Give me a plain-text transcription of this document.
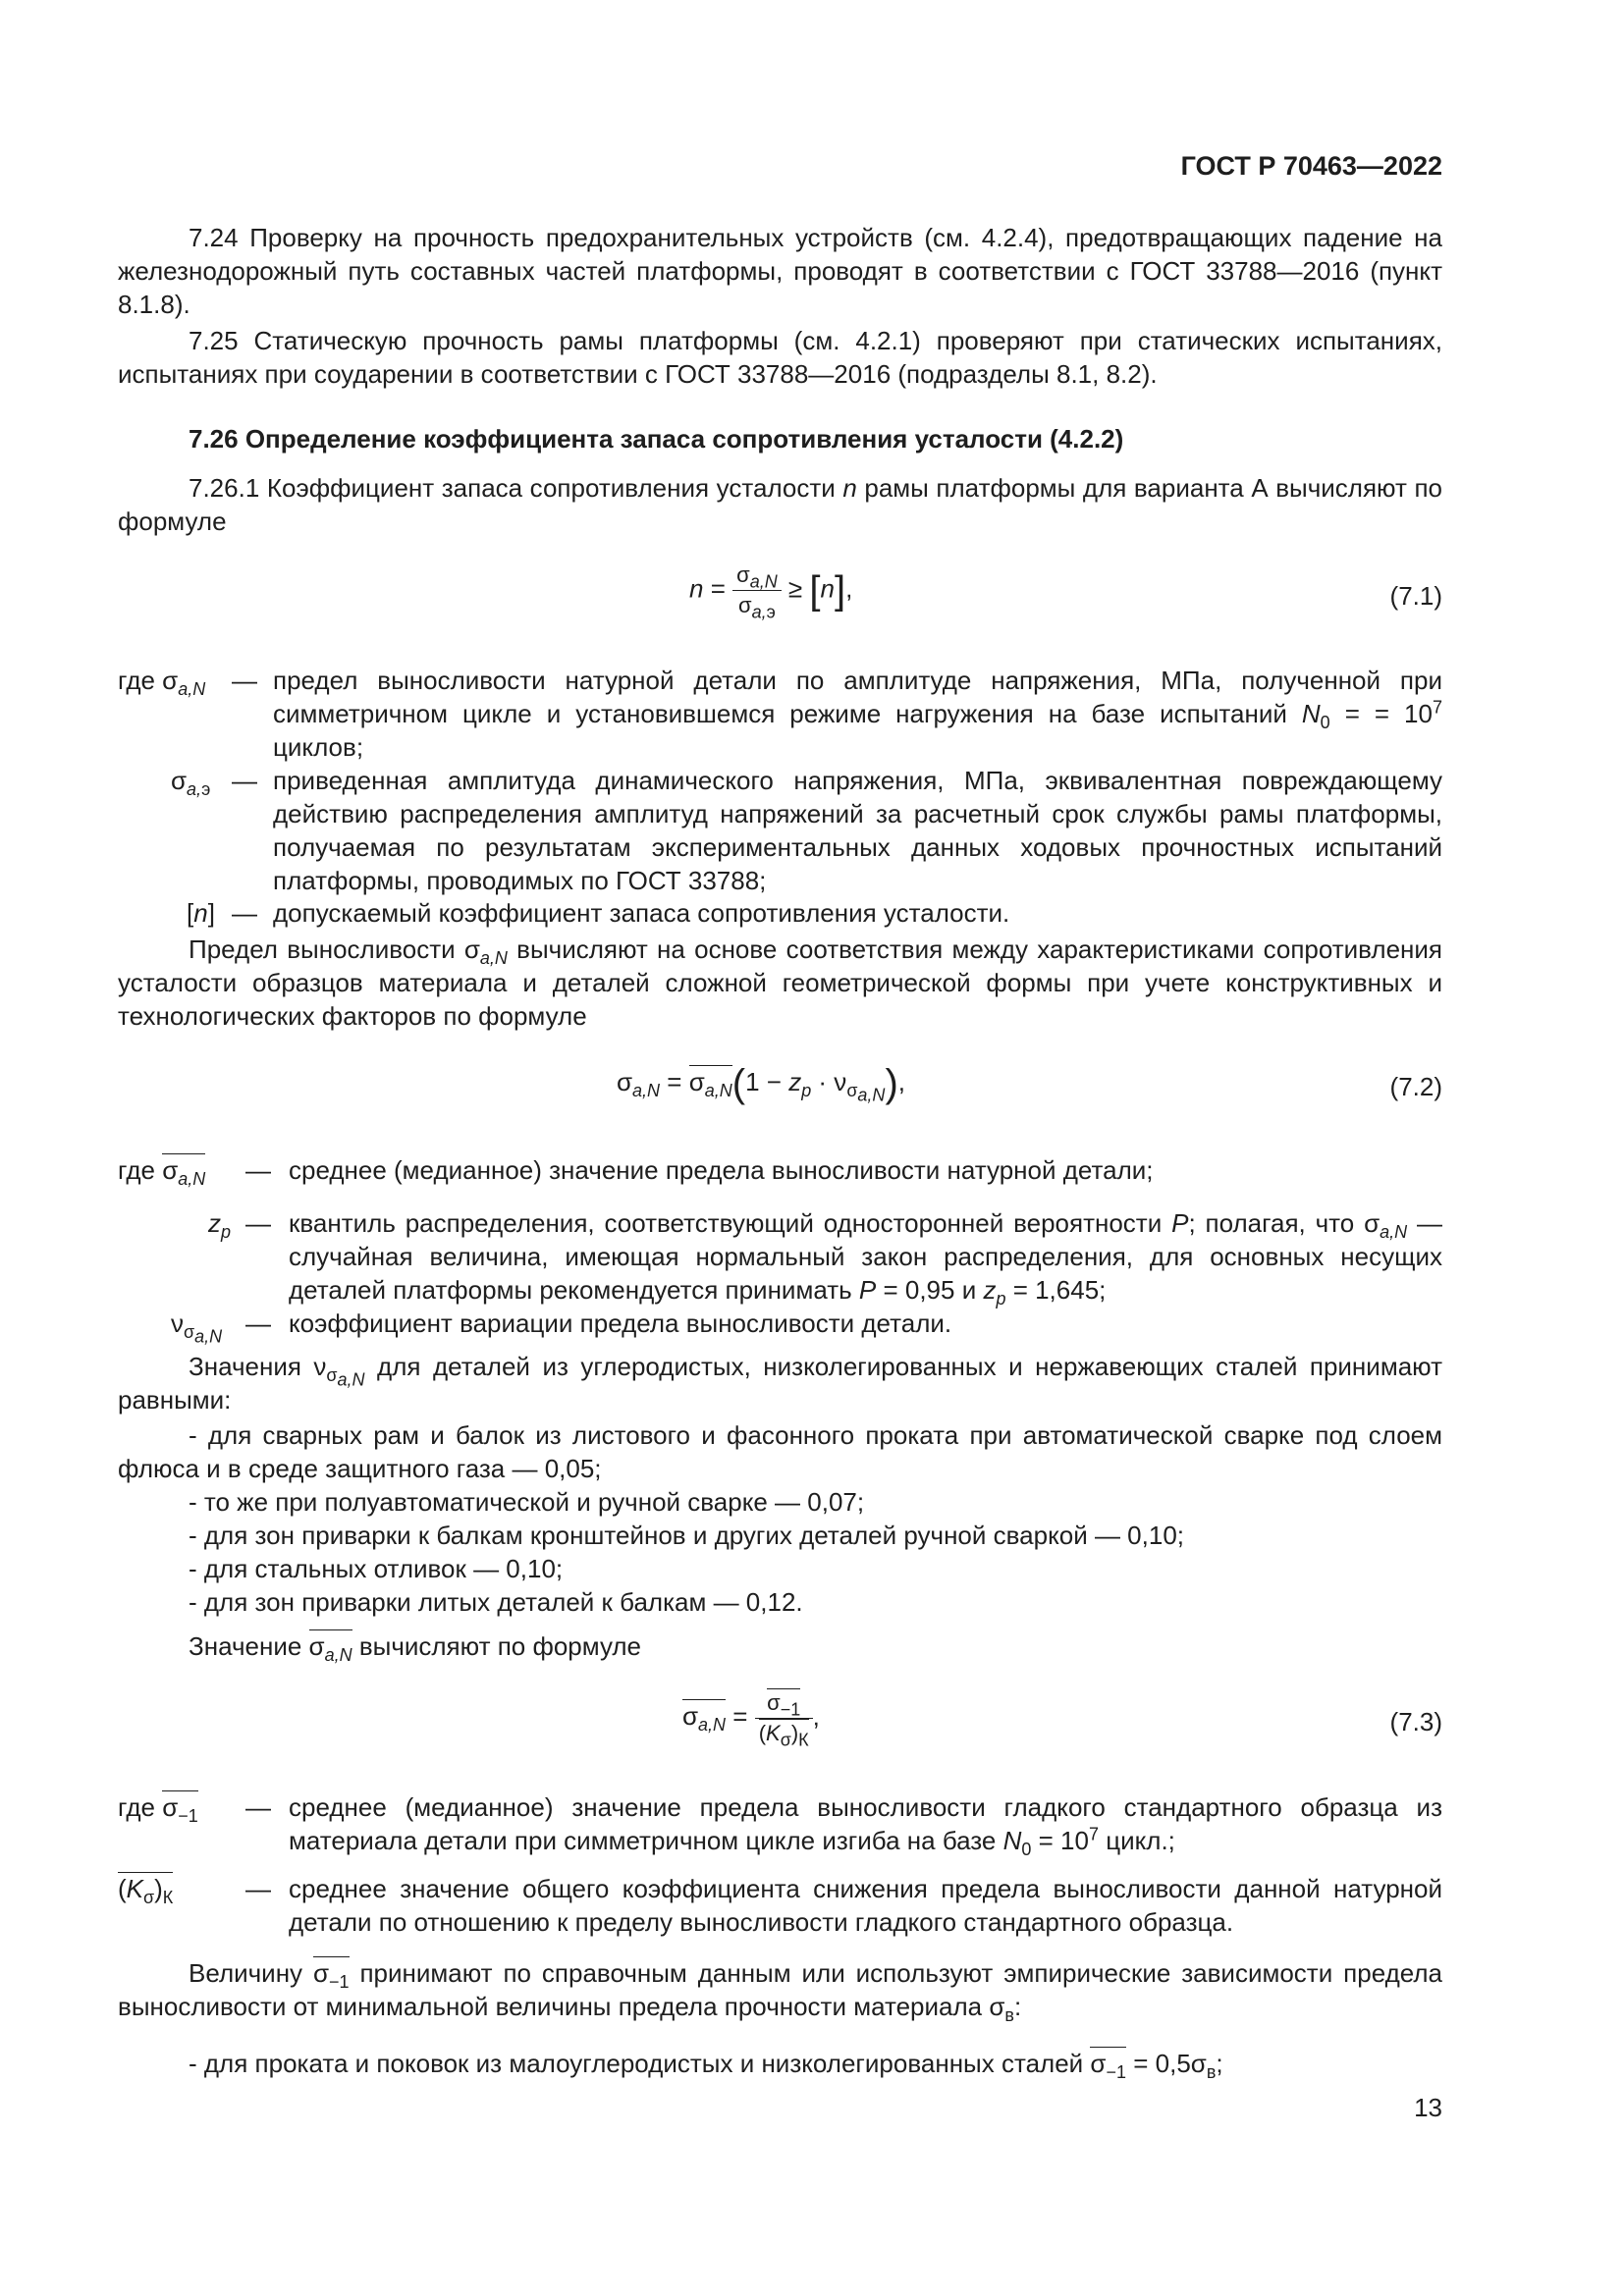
ГОСТ Р 70463—2022
7.24 Проверку на прочность предохранительных устройств (см. 4.2.4), предотвращающих падение на железнодорожный путь составных частей платформы, проводят в соответствии с ГОСТ 33788—2016 (пункт 8.1.8).
7.25 Статическую прочность рамы платформы (см. 4.2.1) проверяют при статических испытаниях, испытаниях при соударении в соответствии с ГОСТ 33788—2016 (подразделы 8.1, 8.2).
7.26 Определение коэффициента запаса сопротивления усталости (4.2.2)
7.26.1 Коэффициент запаса сопротивления усталости n рамы платформы для варианта А вычисляют по формуле
$n = \frac{\sigma_{a,N}}{\sigma_{a,э}} \ge [n]$,	(7.1)
где $\sigma_{a,N}$ — предел выносливости натурной детали по амплитуде напряжения, МПа, полученной при симметричном цикле и установившемся режиме нагружения на базе испытаний $N_0$ = = $10^7$ циклов;
$\sigma_{a,э}$ — приведенная амплитуда динамического напряжения, МПа, эквивалентная повреждающему действию распределения амплитуд напряжений за расчетный срок службы рамы платформы, получаемая по результатам экспериментальных данных ходовых прочностных испытаний платформы, проводимых по ГОСТ 33788;
[n] — допускаемый коэффициент запаса сопротивления усталости.
Предел выносливости $\sigma_{a,N}$ вычисляют на основе соответствия между характеристиками сопротивления усталости образцов материала и деталей сложной геометрической формы при учете конструктивных и технологических факторов по формуле
$\sigma_{a,N} = \sigma_{a,N}(1 - z_p \cdot \nu_{\sigma_{a,N}})$,	(7.2)
где $\sigma_{a,N}$ — среднее (медианное) значение предела выносливости натурной детали;
$z_p$ — квантиль распределения, соответствующий односторонней вероятности P; полагая, что $\sigma_{a,N}$ — случайная величина, имеющая нормальный закон распределения, для основных несущих деталей платформы рекомендуется принимать P = 0,95 и $z_p = 1,645$;
$\nu_{\sigma_{a,N}}$ — коэффициент вариации предела выносливости детали.
Значения $\nu_{\sigma_{a,N}}$ для деталей из углеродистых, низколегированных и нержавеющих сталей принимают равными:
- для сварных рам и балок из листового и фасонного проката при автоматической сварке под слоем флюса и в среде защитного газа — 0,05;
- то же при полуавтоматической и ручной сварке — 0,07;
- для зон приварки к балкам кронштейнов и других деталей ручной сваркой — 0,10;
- для стальных отливок — 0,10;
- для зон приварки литых деталей к балкам — 0,12.
Значение $\sigma_{a,N}$ вычисляют по формуле
$\sigma_{a,N} = \frac{\sigma_{-1}}{(K_\sigma)_К}$ ,	(7.3)
где $\sigma_{-1}$ — среднее (медианное) значение предела выносливости гладкого стандартного образца из материала детали при симметричном цикле изгиба на базе $N_0 = 10^7$ цикл.;
$(K_\sigma)_К$	— среднее значение общего коэффициента снижения предела выносливости данной натурной детали по отношению к пределу выносливости гладкого стандартного образца.
Величину $\sigma_{-1}$ принимают по справочным данным или используют эмпирические зависимости предела выносливости от минимальной величины предела прочности материала $\sigma_в$:
- для проката и поковок из малоуглеродистых и низколегированных сталей $\sigma_{-1} = 0,5\sigma_в$;
13
